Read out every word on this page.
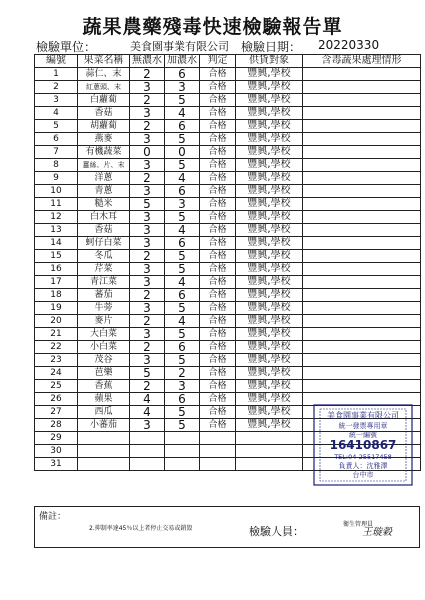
蔬果農藥殘毒快速檢驗報告單
檢驗單位：	美食園事業有限公司 檢驗日期： 20220330
編號	果菜名稱	無濃水	加濃水	判定	供貨對象	含毒蔬果處理情形
1	蒜仁、末	2	6	合格	豐興,學校	
2	紅蔥頭、末	3	3	合格	豐興,學校	
3	白蘿蔔	2	5	合格	豐興,學校	
4	香菇	3	4	合格	豐興,學校	
5	胡蘿蔔	2	6	合格	豐興,學校	
6	燕麥	3	5	合格	豐興,學校	
7	有機蔬菜	0	0	合格	豐興,學校	
8	薑絲、片、末	3	5	合格	豐興,學校	
9	洋蔥	2	4	合格	豐興,學校	
10	青蔥	3	6	合格	豐興,學校	
11	糙米	5	3	合格	豐興,學校	
12	白木耳	3	5	合格	豐興,學校	
13	香菇	3	4	合格	豐興,學校	
14	蚵仔白菜	3	6	合格	豐興,學校	
15	冬瓜	2	5	合格	豐興,學校	
16	芹菜	3	5	合格	豐興,學校	
17	青江菜	3	4	合格	豐興,學校	
18	蕃茄	2	6	合格	豐興,學校	
19	牛蒡	3	5	合格	豐興,學校	
20	麥片	2	4	合格	豐興,學校	
21	大白菜	3	5	合格	豐興,學校	
22	小白菜	2	6	合格	豐興,學校	
23	茂谷	3	5	合格	豐興,學校	
24	芭樂	5	2	合格	豐興,學校	
25	香蕉	2	3	合格	豐興,學校	
26	蘋果	4	6	合格	豐興,學校	
27	西瓜	4	5	合格	豐興,學校	
28	小蕃茄	3	5	合格	豐興,學校	
29						
30						
31						
備註：
2.抑制率達45％以上者停止交易或銷毀	檢驗人員：
衛生管理員
王璇穀
美食園事業有限公司
統一發票專用章
統一編號
16410867
TEL:04-25517458
負責人：沈雅澤
台中市
